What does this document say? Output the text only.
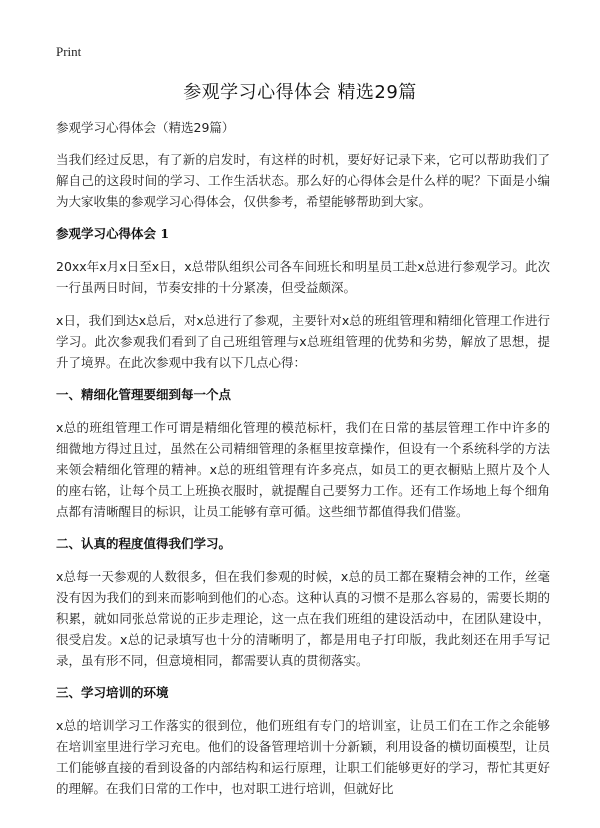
Print
参观学习心得体会 精选29篇
参观学习心得体会（精选29篇）

当我们经过反思，有了新的启发时，有这样的时机，要好好记录下来，它可以帮助我们了解自己的这段时间的学习、工作生活状态。那么好的心得体会是什么样的呢？下面是小编为大家收集的参观学习心得体会，仅供参考，希望能够帮助到大家。

参观学习心得体会 1

20xx年x月x日至x日，x总带队组织公司各车间班长和明星员工赴x总进行参观学习。此次一行虽两日时间，节奏安排的十分紧凑，但受益颇深。

x日，我们到达x总后，对x总进行了参观，主要针对x总的班组管理和精细化管理工作进行学习。此次参观我们看到了自己班组管理与x总班组管理的优势和劣势，解放了思想，提升了境界。在此次参观中我有以下几点心得：

一、精细化管理要细到每一个点

x总的班组管理工作可谓是精细化管理的模范标杆，我们在日常的基层管理工作中许多的细微地方得过且过，虽然在公司精细管理的条框里按章操作，但设有一个系统科学的方法来领会精细化管理的精神。x总的班组管理有许多亮点，如员工的更衣橱贴上照片及个人的座右铭，让每个员工上班换衣服时，就提醒自己要努力工作。还有工作场地上每个细角点都有清晰醒目的标识，让员工能够有章可循。这些细节都值得我们借鉴。

二、认真的程度值得我们学习。

x总每一天参观的人数很多，但在我们参观的时候，x总的员工都在聚精会神的工作，丝毫没有因为我们的到来而影响到他们的心态。这种认真的习惯不是那么容易的，需要长期的积累，就如同张总常说的正步走理论，这一点在我们班组的建设活动中，在团队建设中，很受启发。x总的记录填写也十分的清晰明了，都是用电子打印版，我此刻还在用手写记录，虽有形不同，但意境相同，都需要认真的贯彻落实。

三、学习培训的环境

x总的培训学习工作落实的很到位，他们班组有专门的培训室，让员工们在工作之余能够在培训室里进行学习充电。他们的设备管理培训十分新颖，利用设备的横切面模型，让员工们能够直接的看到设备的内部结构和运行原理，让职工们能够更好的学习，帮忙其更好的理解。在我们日常的工作中，也对职工进行培训，但就好比
